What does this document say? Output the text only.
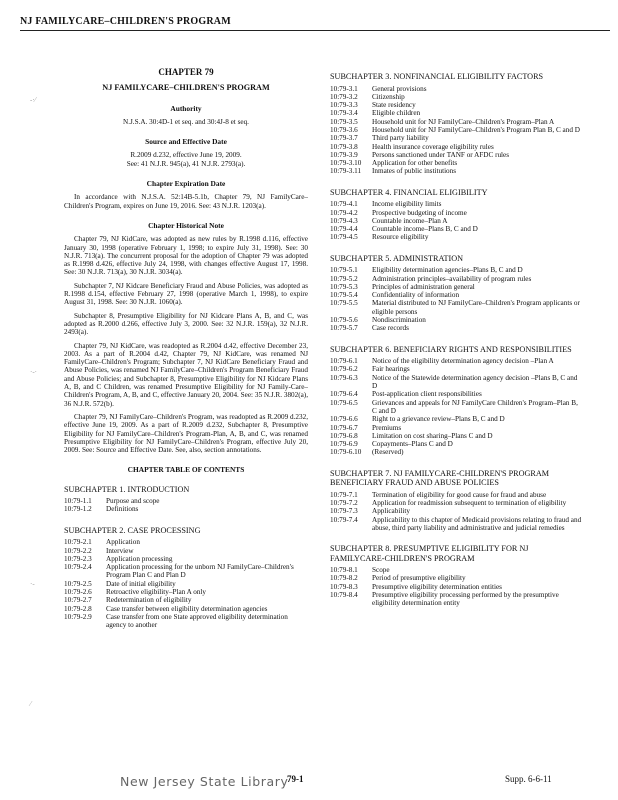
NJ FAMILYCARE–CHILDREN'S PROGRAM
-·⁄
·-·
·-
⁄
CHAPTER 79
NJ FAMILYCARE–CHILDREN'S PROGRAM
Authority
N.J.S.A. 30:4D-1 et seq. and 30:4J-8 et seq.
Source and Effective Date
R.2009 d.232, effective June 19, 2009.
See: 41 N.J.R. 945(a), 41 N.J.R. 2793(a).
Chapter Expiration Date

In accordance with N.J.S.A. 52:14B-5.1b, Chapter 79, NJ FamilyCare–Children's Program, expires on June 19, 2016. See: 43 N.J.R. 1203(a).

Chapter Historical Note

Chapter 79, NJ KidCare, was adopted as new rules by R.1998 d.116, effective January 30, 1998 (operative February 1, 1998; to expire July 31, 1998). See: 30 N.J.R. 713(a). The concurrent proposal for the adoption of Chapter 79 was adopted as R.1998 d.426, effective July 24, 1998, with changes effective August 17, 1998. See: 30 N.J.R. 713(a), 30 N.J.R. 3034(a).

Subchapter 7, NJ Kidcare Beneficiary Fraud and Abuse Policies, was adopted as R.1998 d.154, effective February 27, 1998 (operative March 1, 1998), to expire August 31, 1998. See: 30 N.J.R. 1060(a).

Subchapter 8, Presumptive Eligibility for NJ Kidcare Plans A, B, and C, was adopted as R.2000 d.266, effective July 3, 2000. See: 32 N.J.R. 159(a), 32 N.J.R. 2493(a).

Chapter 79, NJ KidCare, was readopted as R.2004 d.42, effective December 23, 2003. As a part of R.2004 d.42, Chapter 79, NJ KidCare, was renamed NJ FamilyCare–Children's Program; Subchapter 7, NJ KidCare Beneficiary Fraud and Abuse Policies, was renamed NJ FamilyCare–Children's Program Beneficiary Fraud and Abuse Policies; and Subchapter 8, Presumptive Eligibility for NJ Kidcare Plans A, B, and C Children, was renamed Presumptive Eligibility for NJ Family-Care–Children's Program, A, B, and C, effective January 20, 2004. See: 35 N.J.R. 3802(a), 36 N.J.R. 572(b).

Chapter 79, NJ FamilyCare–Children's Program, was readopted as R.2009 d.232, effective June 19, 2009. As a part of R.2009 d.232, Subchapter 8, Presumptive Eligibility for NJ FamilyCare–Children's Program-Plan, A, B, and C, was renamed Presumptive Eligibility for NJ FamilyCare–Children's Program, effective July 20, 2009. See: Source and Effective Date. See, also, section annotations.

CHAPTER TABLE OF CONTENTS
SUBCHAPTER 1. INTRODUCTION
10:79-1.1	Purpose and scope
10:79-1.2	Definitions
SUBCHAPTER 2. CASE PROCESSING
10:79-2.1	Application
10:79-2.2	Interview
10:79-2.3	Application processing
10:79-2.4	Application processing for the unborn NJ FamilyCare–Children's Program Plan C and Plan D
10:79-2.5	Date of initial eligibility
10:79-2.6	Retroactive eligibility–Plan A only
10:79-2.7	Redetermination of eligibility
10:79-2.8	Case transfer between eligibility determination agencies
10:79-2.9	Case transfer from one State approved eligibility determination agency to another
SUBCHAPTER 3. NONFINANCIAL ELIGIBILITY FACTORS
10:79-3.1	General provisions
10:79-3.2	Citizenship
10:79-3.3	State residency
10:79-3.4	Eligible children
10:79-3.5	Household unit for NJ FamilyCare–Children's Program–Plan A
10:79-3.6	Household unit for NJ FamilyCare–Children's Program Plan B, C and D
10:79-3.7	Third party liability
10:79-3.8	Health insurance coverage eligibility rules
10:79-3.9	Persons sanctioned under TANF or AFDC rules
10:79-3.10	Application for other benefits
10:79-3.11	Inmates of public institutions
SUBCHAPTER 4. FINANCIAL ELIGIBILITY
10:79-4.1	Income eligibility limits
10:79-4.2	Prospective budgeting of income
10:79-4.3	Countable income–Plan A
10:79-4.4	Countable income–Plans B, C and D
10:79-4.5	Resource eligibility
SUBCHAPTER 5. ADMINISTRATION
10:79-5.1	Eligibility determination agencies–Plans B, C and D
10:79-5.2	Administration principles–availability of program rules
10:79-5.3	Principles of administration general
10:79-5.4	Confidentiality of information
10:79-5.5	Material distributed to NJ FamilyCare–Children's Program applicants or eligible persons
10:79-5.6	Nondiscrimination
10:79-5.7	Case records
SUBCHAPTER 6. BENEFICIARY RIGHTS AND RESPONSIBILITIES
10:79-6.1	Notice of the eligibility determination agency decision –Plan A
10:79-6.2	Fair hearings
10:79-6.3	Notice of the Statewide determination agency decision –Plans B, C and D
10:79-6.4	Post-application client responsibilities
10:79-6.5	Grievances and appeals for NJ FamilyCare Children's Program–Plan B, C and D
10:79-6.6	Right to a grievance review–Plans B, C and D
10:79-6.7	Premiums
10:79-6.8	Limitation on cost sharing–Plans C and D
10:79-6.9	Copayments–Plans C and D
10:79-6.10	(Reserved)
SUBCHAPTER 7. NJ FAMILYCARE-CHILDREN'S PROGRAM BENEFICIARY FRAUD AND ABUSE POLICIES
10:79-7.1	Termination of eligibility for good cause for fraud and abuse
10:79-7.2	Application for readmission subsequent to termination of eligibility
10:79-7.3	Applicability
10:79-7.4	Applicability to this chapter of Medicaid provisions relating to fraud and abuse, third party liability and administrative and judicial remedies
SUBCHAPTER 8. PRESUMPTIVE ELIGIBILITY FOR NJ FAMILYCARE-CHILDREN'S PROGRAM
10:79-8.1	Scope
10:79-8.2	Period of presumptive eligibility
10:79-8.3	Presumptive eligibility determination entities
10:79-8.4	Presumptive eligibility processing performed by the presumptive eligibility determination entity
New Jersey State Library
79-1	Supp. 6-6-11
